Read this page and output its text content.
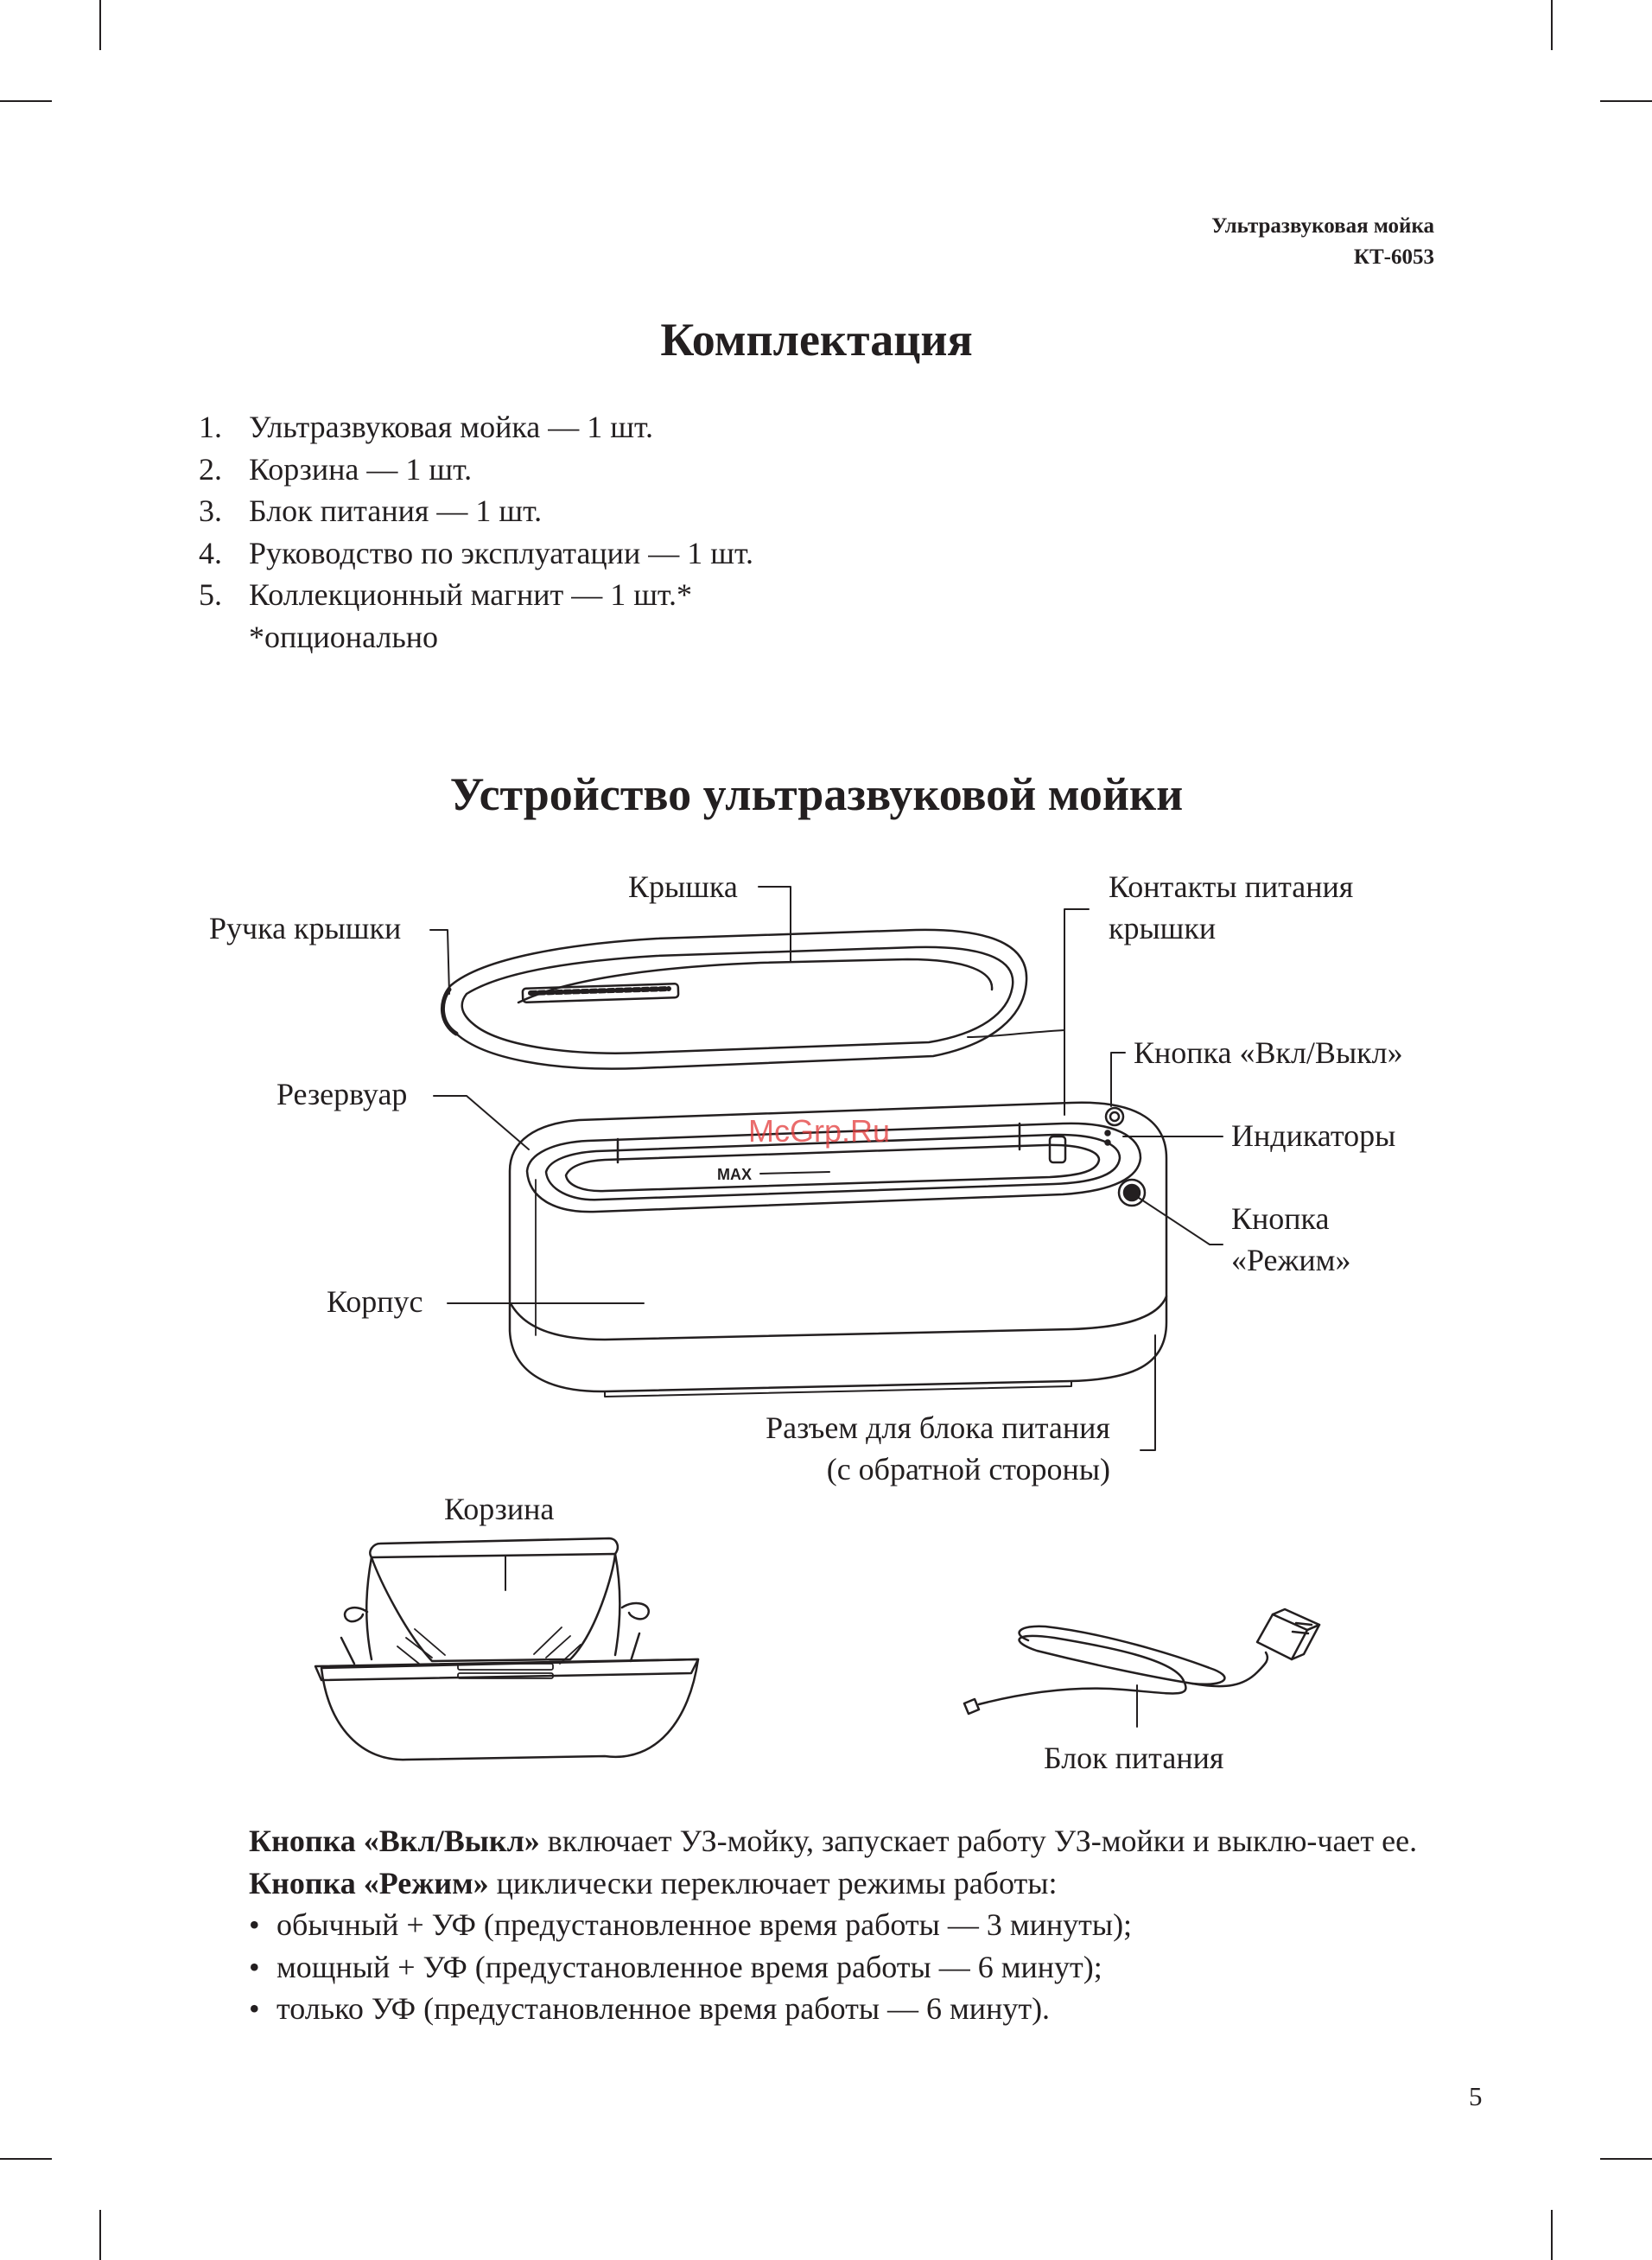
Ультразвуковая мойка
КТ-6053
Комплектация
1. Ультразвуковая мойка — 1 шт.
2. Корзина — 1 шт.
3. Блок питания — 1 шт.
4. Руководство по эксплуатации — 1 шт.
5. Коллекционный магнит — 1 шт.*
*опционально
Устройство ультразвуковой мойки
MAX
Крышка
Ручка крышки
Контакты питания
крышки
Кнопка «Вкл/Выкл»
Резервуар
Индикаторы
Кнопка
«Режим»
Корпус
Разъем для блока питания
(с обратной стороны)
Корзина
Блок питания
McGrp.Ru

Кнопка «Вкл/Выкл» включает УЗ-мойку, запускает работу УЗ-мойки и выклю-чает ее.

Кнопка «Режим» циклически переключает режимы работы:

• обычный + УФ (предустановленное время работы — 3 минуты);
• мощный + УФ (предустановленное время работы — 6 минут);
• только УФ (предустановленное время работы — 6 минут).
5
